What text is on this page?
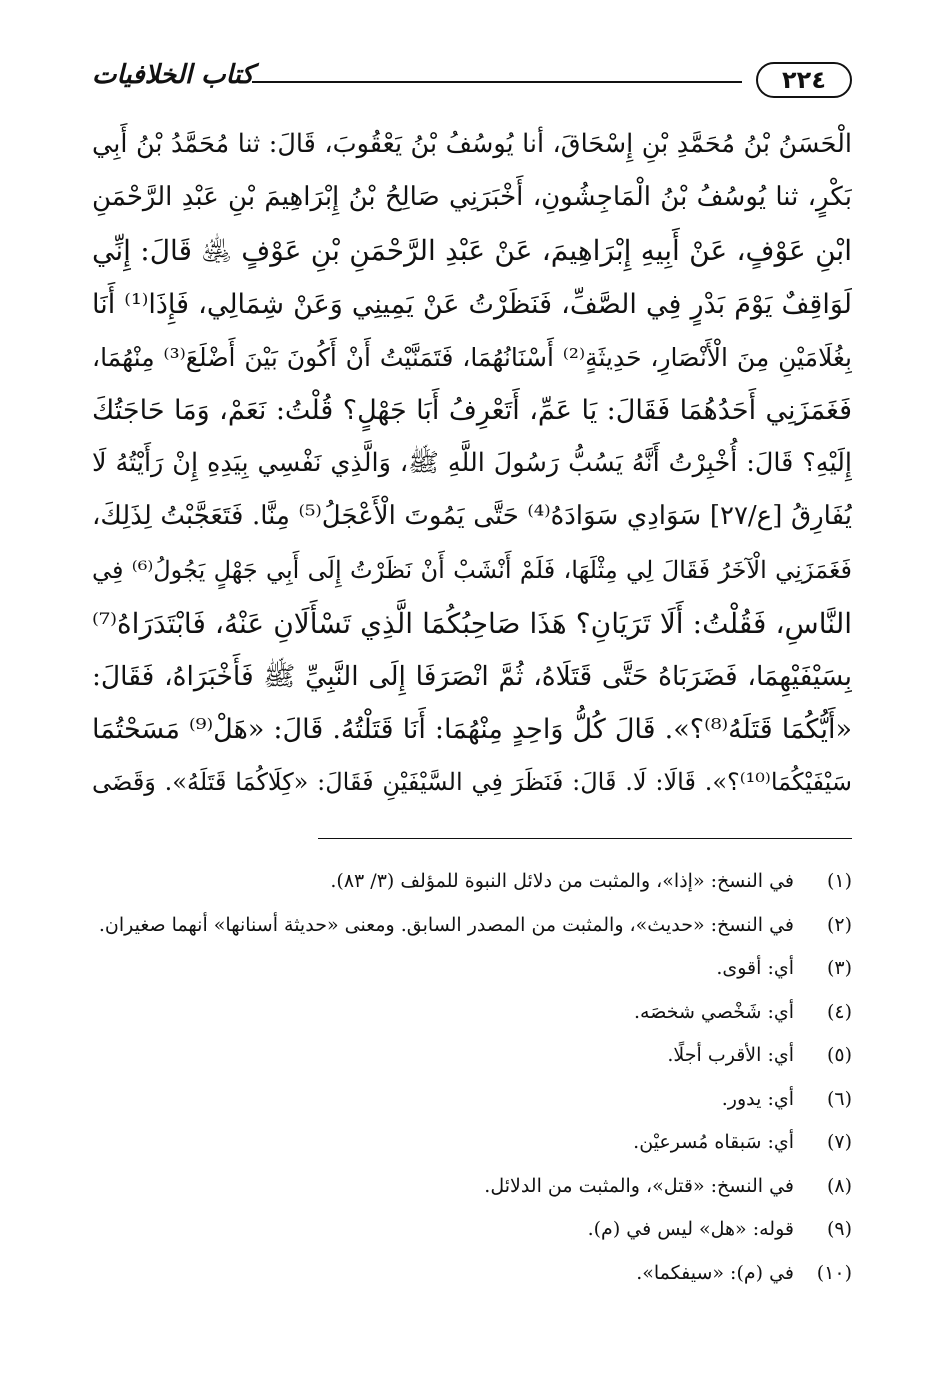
٢٢٤
كتاب الخلافيات
الْحَسَنُ بْنُ مُحَمَّدِ بْنِ إِسْحَاقَ، أنا يُوسُفُ بْنُ يَعْقُوبَ، قَالَ: ثنا مُحَمَّدُ بْنُ أَبِي
بَكْرٍ، ثنا يُوسُفُ بْنُ الْمَاجِشُونِ، أَخْبَرَنِي صَالِحُ بْنُ إِبْرَاهِيمَ بْنِ عَبْدِ الرَّحْمَنِ
ابْنِ عَوْفٍ، عَنْ أَبِيهِ إِبْرَاهِيمَ، عَنْ عَبْدِ الرَّحْمَنِ بْنِ عَوْفٍ ﵁ قَالَ: إِنِّي
لَوَاقِفٌ يَوْمَ بَدْرٍ فِي الصَّفِّ، فَنَظَرْتُ عَنْ يَمِينِي وَعَنْ شِمَالِي، فَإِذَا⁽¹⁾ أَنَا
بِغُلَامَيْنِ مِنَ الْأَنْصَارِ، حَدِيثَةٍ⁽²⁾ أَسْنَانُهُمَا، فَتَمَنَّيْتُ أَنْ أَكُونَ بَيْنَ أَضْلَعَ⁽³⁾ مِنْهُمَا،
فَغَمَزَنِي أَحَدُهُمَا فَقَالَ: يَا عَمِّ، أَتَعْرِفُ أَبَا جَهْلٍ؟ قُلْتُ: نَعَمْ، وَمَا حَاجَتُكَ
إِلَيْهِ؟ قَالَ: أُخْبِرْتُ أَنَّهُ يَسُبُّ رَسُولَ اللَّهِ ﷺ، وَالَّذِي نَفْسِي بِيَدِهِ إِنْ رَأَيْتُهُ لَا
يُفَارِقُ [ع/٢٧] سَوَادِي سَوَادَهُ⁽⁴⁾ حَتَّى يَمُوتَ الْأَعْجَلُ⁽⁵⁾ مِنَّا. فَتَعَجَّبْتُ لِذَلِكَ،
فَغَمَزَنِي الْآخَرُ فَقَالَ لِي مِثْلَهَا، فَلَمْ أَنْشَبْ أَنْ نَظَرْتُ إِلَى أَبِي جَهْلٍ يَجُولُ⁽⁶⁾ فِي
النَّاسِ، فَقُلْتُ: أَلَا تَرَيَانِ؟ هَذَا صَاحِبُكُمَا الَّذِي تَسْأَلَانِ عَنْهُ، فَابْتَدَرَاهُ⁽⁷⁾
بِسَيْفَيْهِمَا، فَضَرَبَاهُ حَتَّى قَتَلَاهُ، ثُمَّ انْصَرَفَا إِلَى النَّبِيِّ ﷺ فَأَخْبَرَاهُ، فَقَالَ:
«أَيُّكُمَا قَتَلَهُ⁽⁸⁾؟». قَالَ كُلُّ وَاحِدٍ مِنْهُمَا: أَنَا قَتَلْتُهُ. قَالَ: «هَلْ⁽⁹⁾ مَسَحْتُمَا
سَيْفَيْكُمَا⁽¹⁰⁾؟». قَالَا: لَا. قَالَ: فَنَظَرَ فِي السَّيْفَيْنِ فَقَالَ: «كِلَاكُمَا قَتَلَهُ». وَقَضَى
(١)
في النسخ: «إذا»، والمثبت من دلائل النبوة للمؤلف (٣/ ٨٣).
(٢)
في النسخ: «حديث»، والمثبت من المصدر السابق. ومعنى «حديثة أسنانها» أنهما صغيران.
(٣)
أي: أقوى.
(٤)
أي: شَخْصي شخصَه.
(٥)
أي: الأقرب أجلًا.
(٦)
أي: يدور.
(٧)
أي: سَبقاه مُسرعيْن.
(٨)
في النسخ: «قتل»، والمثبت من الدلائل.
(٩)
قوله: «هل» ليس في (م).
(١٠)
في (م): «سيفكما».
